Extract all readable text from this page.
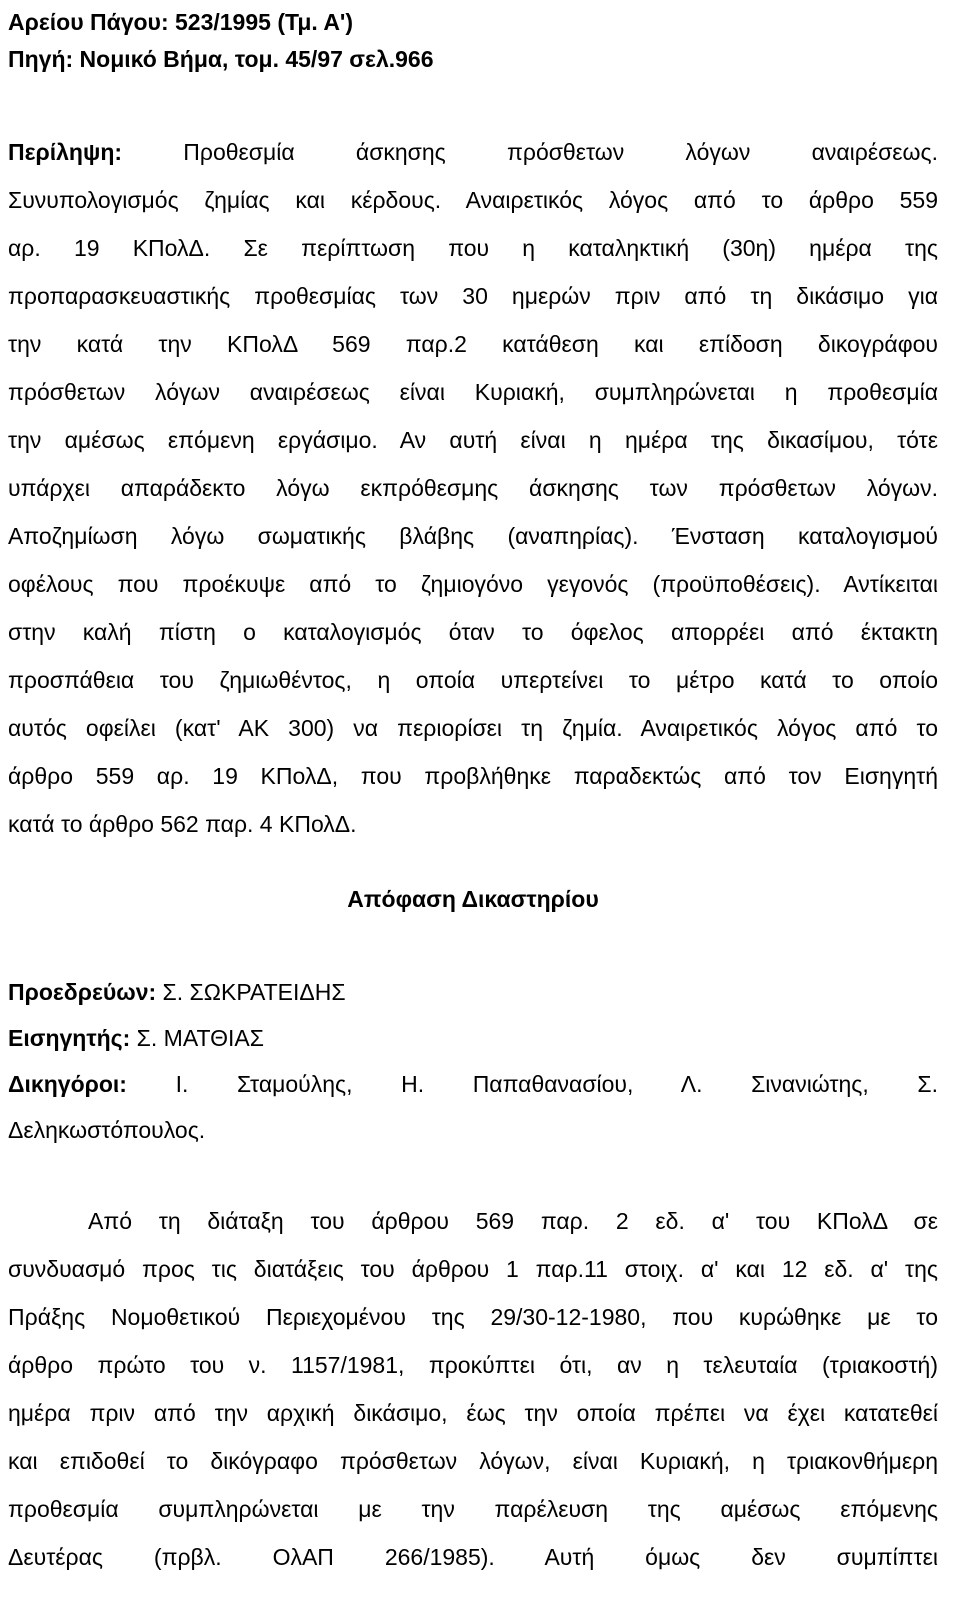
Αρείου Πάγου: 523/1995 (Τμ. Α')
Πηγή: Νομικό Βήμα, τομ. 45/97 σελ.966
Περίληψη: Προθεσμία άσκησης πρόσθετων λόγων αναιρέσεως.
Συνυπολογισμός ζημίας και κέρδους. Αναιρετικός λόγος από το άρθρο 559
αρ. 19 ΚΠολΔ. Σε περίπτωση που η καταληκτική (30η) ημέρα της
προπαρασκευαστικής προθεσμίας των 30 ημερών πριν από τη δικάσιμο για
την κατά την ΚΠολΔ 569 παρ.2 κατάθεση και επίδοση δικογράφου
πρόσθετων λόγων αναιρέσεως είναι Κυριακή, συμπληρώνεται η προθεσμία
την αμέσως επόμενη εργάσιμο. Αν αυτή είναι η ημέρα της δικασίμου, τότε
υπάρχει απαράδεκτο λόγω εκπρόθεσμης άσκησης των πρόσθετων λόγων.
Αποζημίωση λόγω σωματικής βλάβης (αναπηρίας). Ένσταση καταλογισμού
οφέλους που προέκυψε από το ζημιογόνο γεγονός (προϋποθέσεις). Αντίκειται
στην καλή πίστη ο καταλογισμός όταν το όφελος απορρέει από έκτακτη
προσπάθεια του ζημιωθέντος, η οποία υπερτείνει το μέτρο κατά το οποίο
αυτός οφείλει (κατ' ΑΚ 300) να περιορίσει τη ζημία. Αναιρετικός λόγος από το
άρθρο 559 αρ. 19 ΚΠολΔ, που προβλήθηκε παραδεκτώς από τον Εισηγητή
κατά το άρθρο 562 παρ. 4 ΚΠολΔ.
Απόφαση Δικαστηρίου
Προεδρεύων: Σ. ΣΩΚΡΑΤΕΙΔΗΣ
Εισηγητής: Σ. ΜΑΤΘΙΑΣ
Δικηγόροι: Ι. Σταμούλης, Η. Παπαθανασίου, Λ. Σινανιώτης, Σ.
Δεληκωστόπουλος.
Από τη διάταξη του άρθρου 569 παρ. 2 εδ. α' του ΚΠολΔ σε
συνδυασμό προς τις διατάξεις του άρθρου 1 παρ.11 στοιχ. α' και 12 εδ. α' της
Πράξης Νομοθετικού Περιεχομένου της 29/30-12-1980, που κυρώθηκε με το
άρθρο πρώτο του ν. 1157/1981, προκύπτει ότι, αν η τελευταία (τριακοστή)
ημέρα πριν από την αρχική δικάσιμο, έως την οποία πρέπει να έχει κατατεθεί
και επιδοθεί το δικόγραφο πρόσθετων λόγων, είναι Κυριακή, η τριακονθήμερη
προθεσμία συμπληρώνεται με την παρέλευση της αμέσως επόμενης
Δευτέρας (πρβλ. ΟλΑΠ 266/1985). Αυτή όμως δεν συμπίπτει
